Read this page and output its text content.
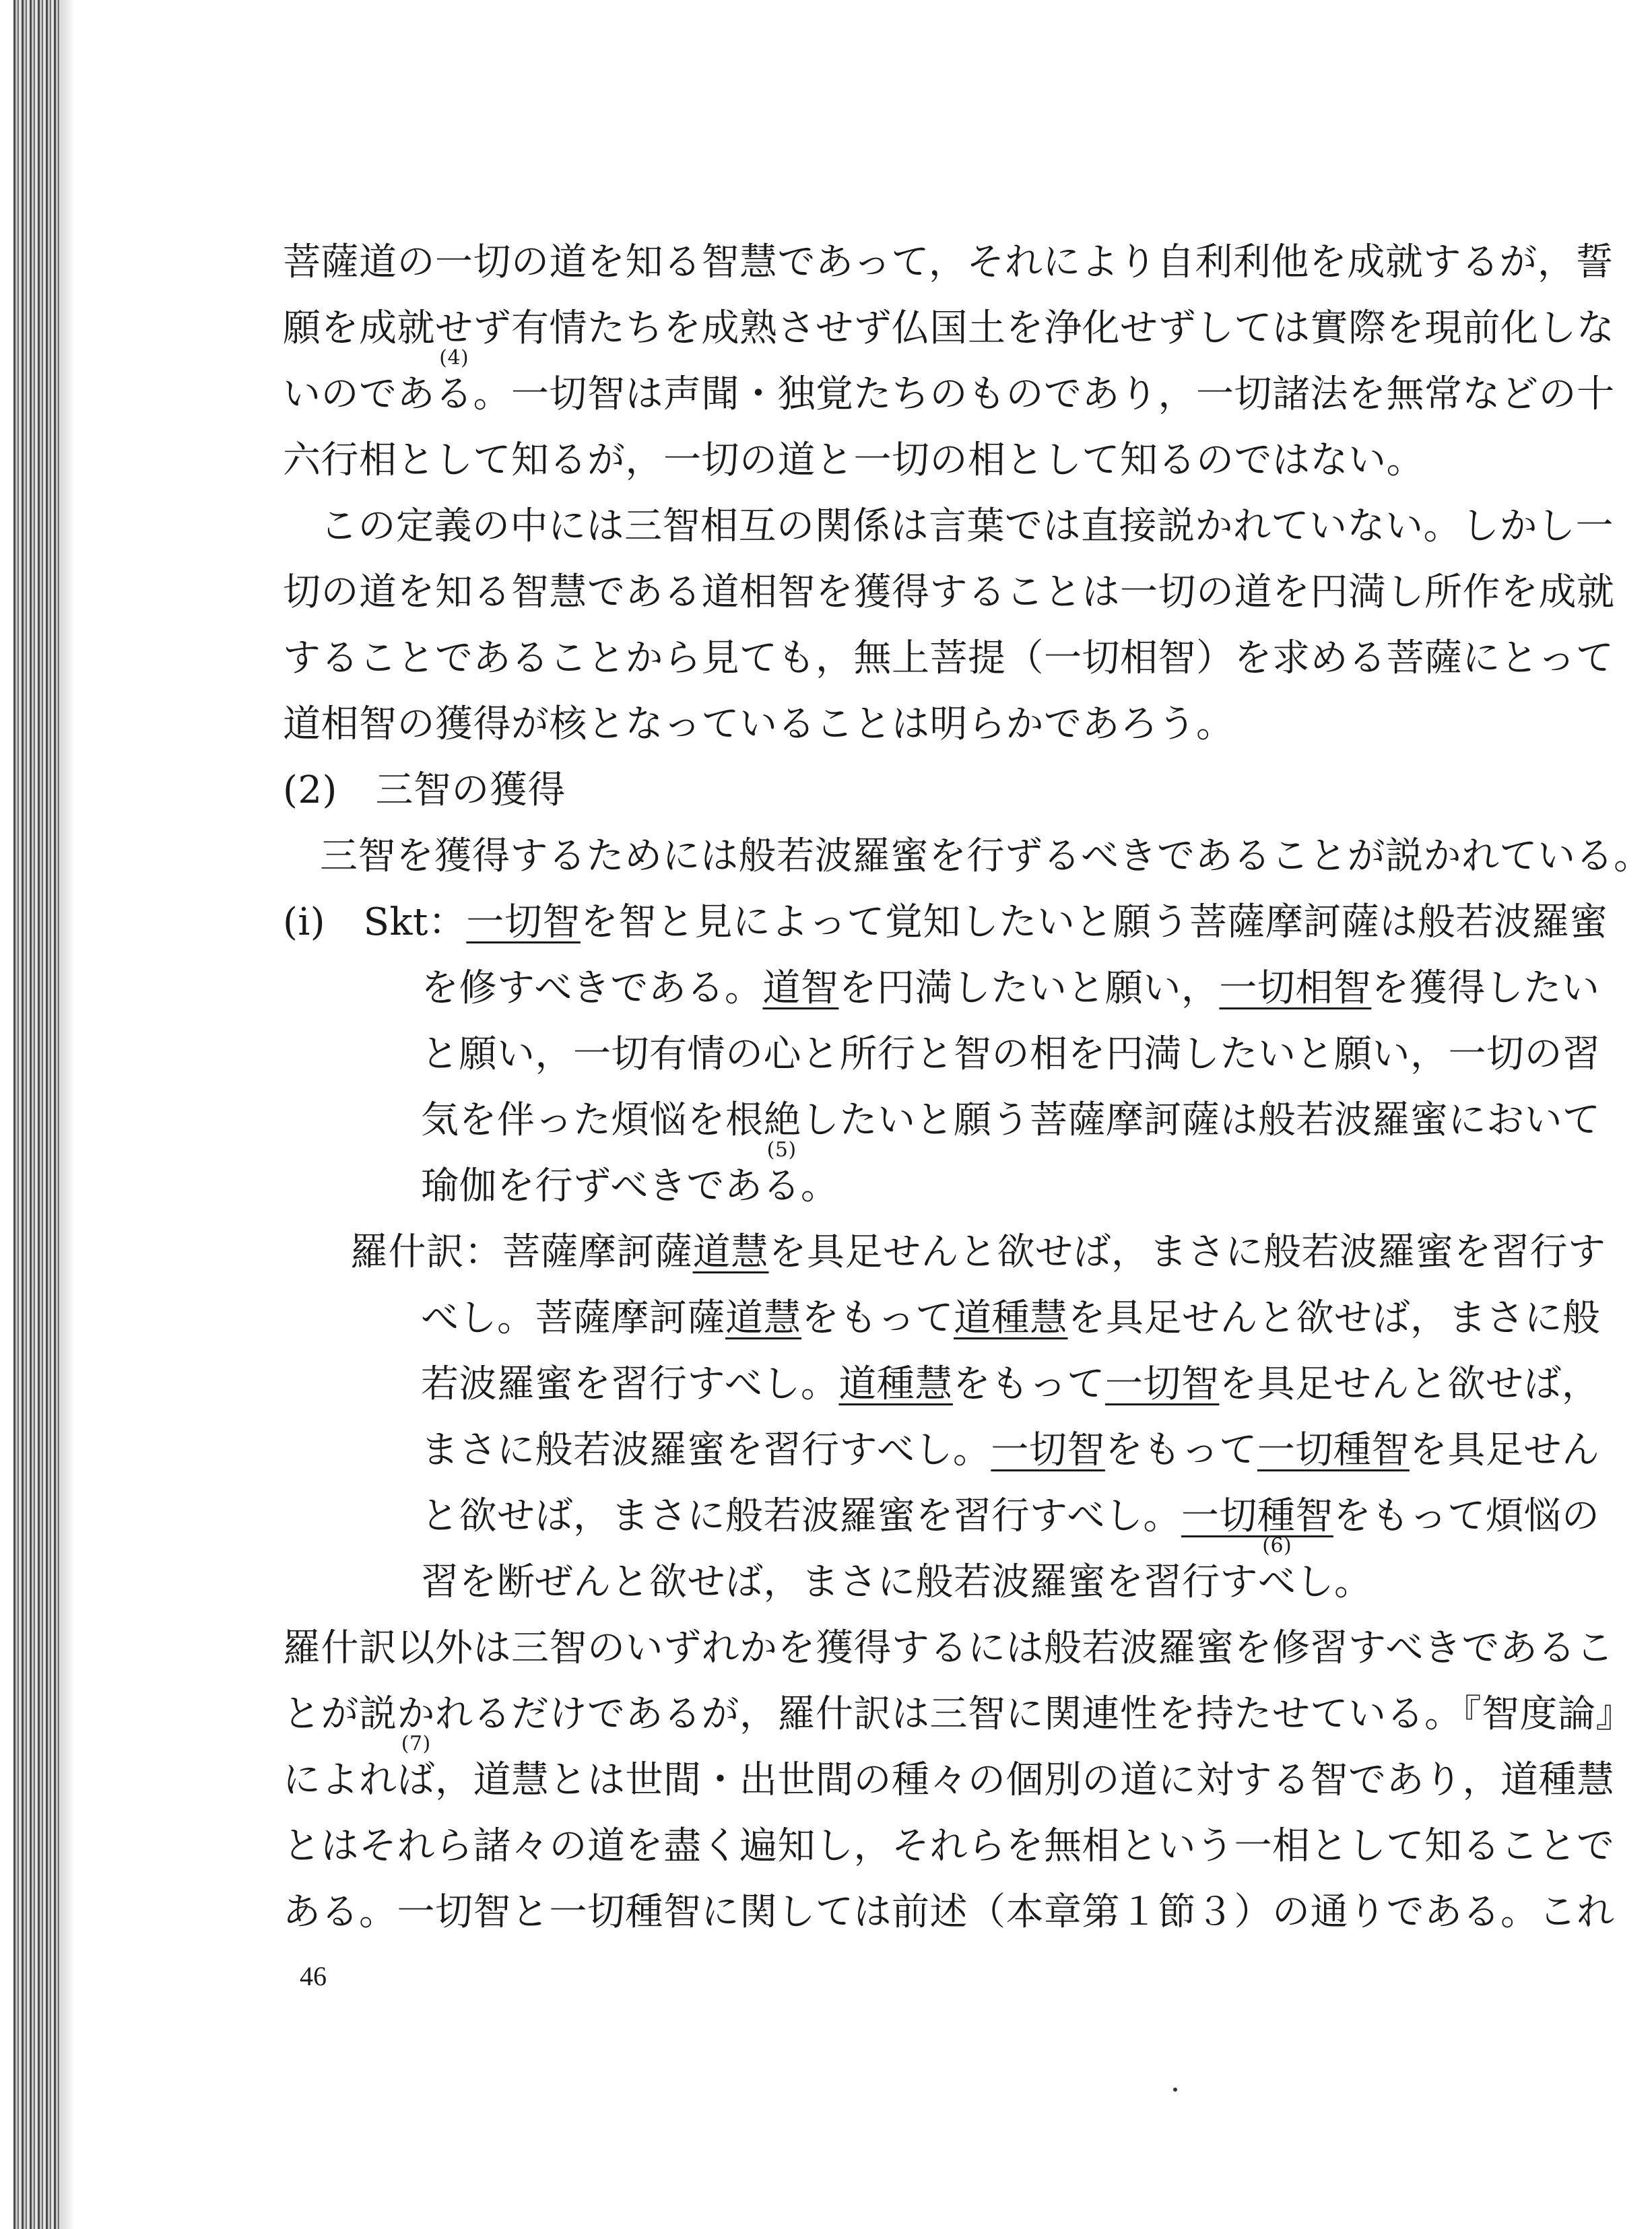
菩薩道の一切の道を知る智慧であって，それにより自利利他を成就するが，誓
願を成就せず有情たちを成熟させず仏国土を浄化せずしては實際を現前化しな
いのであ
(4)
る。一切智は声聞・独覚たちのものであり，一切諸法を無常などの十
六行相として知るが，一切の道と一切の相として知るのではない。
この定義の中には三智相互の関係は言葉では直接説かれていない。しかし一
切の道を知る智慧である道相智を獲得することは一切の道を円満し所作を成就
することであることから見ても，無上菩提（一切相智）を求める菩薩にとって
道相智の獲得が核となっていることは明らかであろう。
(2)　三智の獲得
三智を獲得するためには般若波羅蜜を行ずるべきであることが説かれている。
(i)　Skt：一切智を智と見によって覚知したいと願う菩薩摩訶薩は般若波羅蜜
を修すべきである。道智を円満したいと願い，一切相智を獲得したい
と願い，一切有情の心と所行と智の相を円満したいと願い，一切の習
気を伴った煩悩を根絶したいと願う菩薩摩訶薩は般若波羅蜜において
瑜伽を行ずべきであ
(5)
る。
羅什訳：菩薩摩訶薩道慧を具足せんと欲せば，まさに般若波羅蜜を習行す
べし。菩薩摩訶薩道慧をもって道種慧を具足せんと欲せば，まさに般
若波羅蜜を習行すべし。道種慧をもって一切智を具足せんと欲せば，
まさに般若波羅蜜を習行すべし。一切智をもって一切種智を具足せん
と欲せば，まさに般若波羅蜜を習行すべし。一切種智をもって煩悩の
習を断ぜんと欲せば，まさに般若波羅蜜を習行す
(6)
べし。
羅什訳以外は三智のいずれかを獲得するには般若波羅蜜を修習すべきであるこ
とが説かれるだけであるが，羅什訳は三智に関連性を持たせている。『智度論』
によれ
(7)
ば，道慧とは世間・出世間の種々の個別の道に対する智であり，道種慧
とはそれら諸々の道を盡く遍知し，それらを無相という一相として知ることで
ある。一切智と一切種智に関しては前述（本章第１節３）の通りである。これ
46
